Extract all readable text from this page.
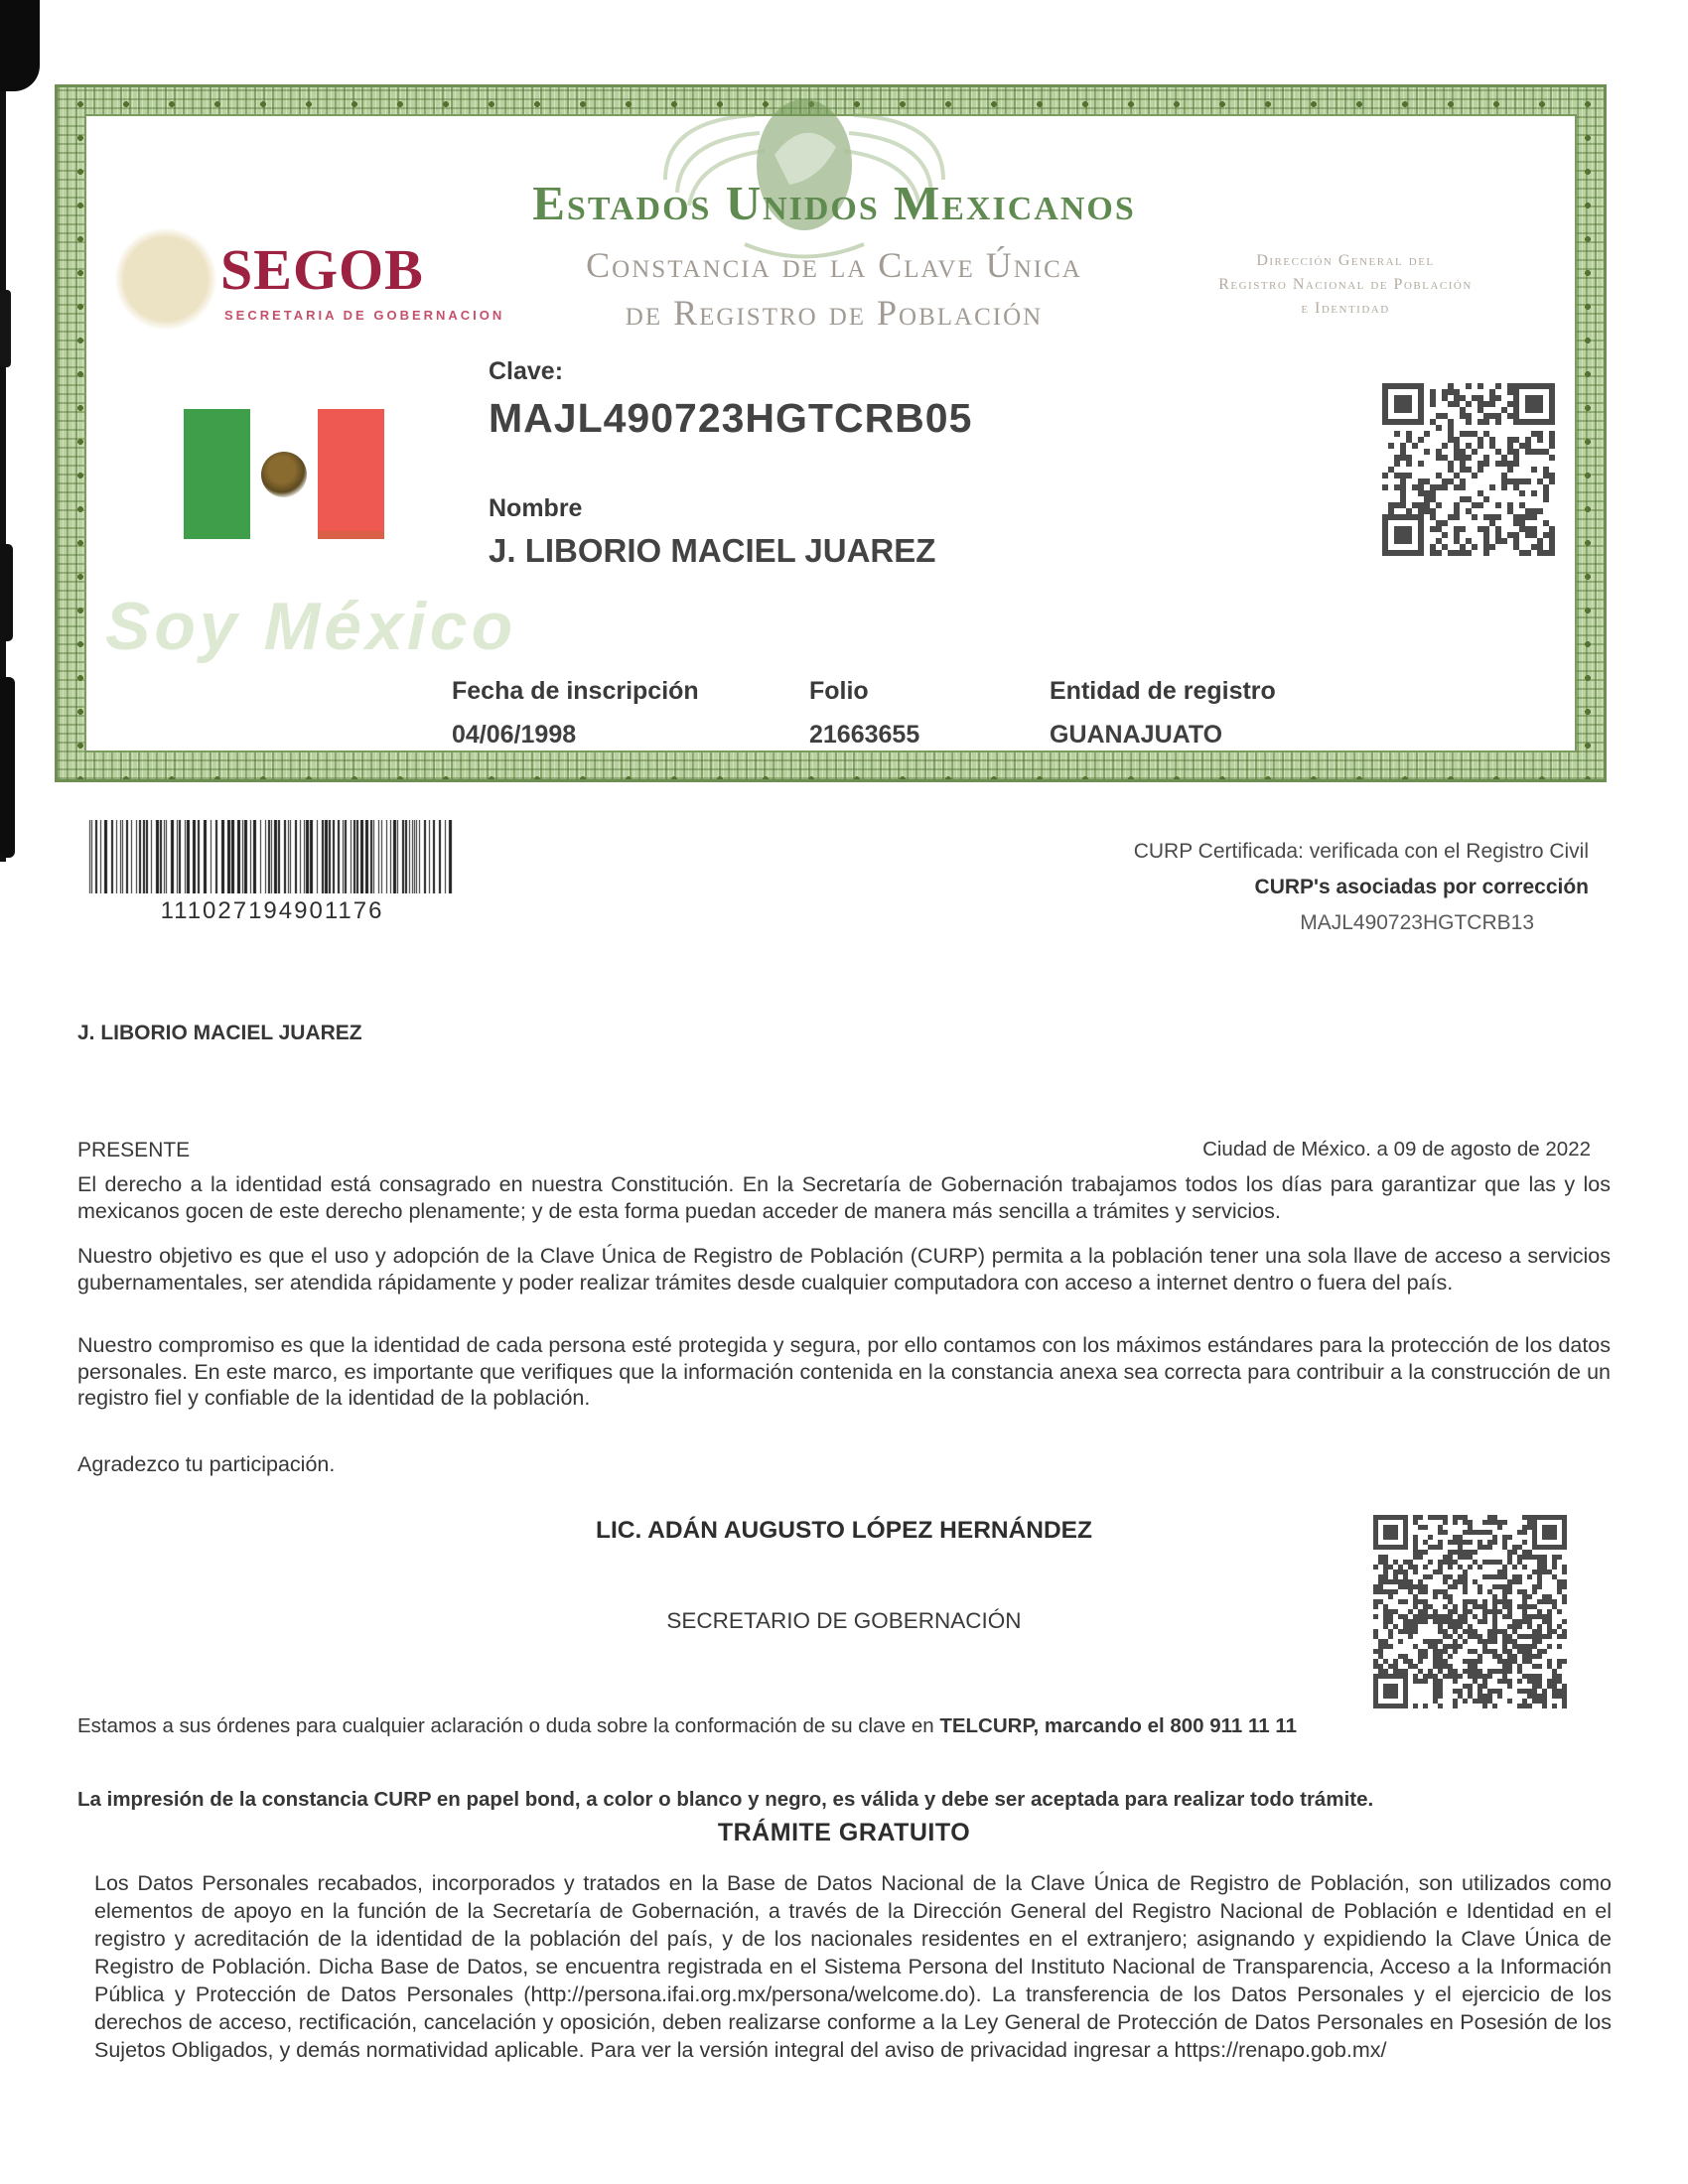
Estados Unidos Mexicanos
Constancia de la Clave Única
de Registro de Población
Dirección General del
Registro Nacional de Población
e Identidad
SEGOB
SECRETARIA DE GOBERNACION
Clave:
MAJL490723HGTCRB05
Nombre
J. LIBORIO MACIEL JUAREZ
Soy México
Fecha de inscripción	Folio	Entidad de registro
04/06/1998	21663655	GUANAJUATO
111027194901176
CURP Certificada: verificada con el Registro Civil
CURP's asociadas por corrección
MAJL490723HGTCRB13
J. LIBORIO MACIEL JUAREZ
PRESENTE	Ciudad de México. a 09 de agosto de 2022
El derecho a la identidad está consagrado en nuestra Constitución. En la Secretaría de Gobernación trabajamos todos los días para garantizar que las y los mexicanos gocen de este derecho plenamente; y de esta forma puedan acceder de manera más sencilla a trámites y servicios.
Nuestro objetivo es que el uso y adopción de la Clave Única de Registro de Población (CURP) permita a la población tener una sola llave de acceso a servicios gubernamentales, ser atendida rápidamente y poder realizar trámites desde cualquier computadora con acceso a internet dentro o fuera del país.
Nuestro compromiso es que la identidad de cada persona esté protegida y segura, por ello contamos con los máximos estándares para la protección de los datos personales. En este marco, es importante que verifiques que la información contenida en la constancia anexa sea correcta para contribuir a la construcción de un registro fiel y confiable de la identidad de la población.
Agradezco tu participación.
LIC. ADÁN AUGUSTO LÓPEZ HERNÁNDEZ
SECRETARIO DE GOBERNACIÓN
Estamos a sus órdenes para cualquier aclaración o duda sobre la conformación de su clave en TELCURP, marcando el 800 911 11 11
La impresión de la constancia CURP en papel bond, a color o blanco y negro, es válida y debe ser aceptada para realizar todo trámite.
TRÁMITE GRATUITO
Los Datos Personales recabados, incorporados y tratados en la Base de Datos Nacional de la Clave Única de Registro de Población, son utilizados como elementos de apoyo en la función de la Secretaría de Gobernación, a través de la Dirección General del Registro Nacional de Población e Identidad en el registro y acreditación de la identidad de la población del país, y de los nacionales residentes en el extranjero; asignando y expidiendo la Clave Única de Registro de Población. Dicha Base de Datos, se encuentra registrada en el Sistema Persona del Instituto Nacional de Transparencia, Acceso a la Información Pública y Protección de Datos Personales (http://persona.ifai.org.mx/persona/welcome.do). La transferencia de los Datos Personales y el ejercicio de los derechos de acceso, rectificación, cancelación y oposición, deben realizarse conforme a la Ley General de Protección de Datos Personales en Posesión de los Sujetos Obligados, y demás normatividad aplicable. Para ver la versión integral del aviso de privacidad ingresar a https://renapo.gob.mx/
